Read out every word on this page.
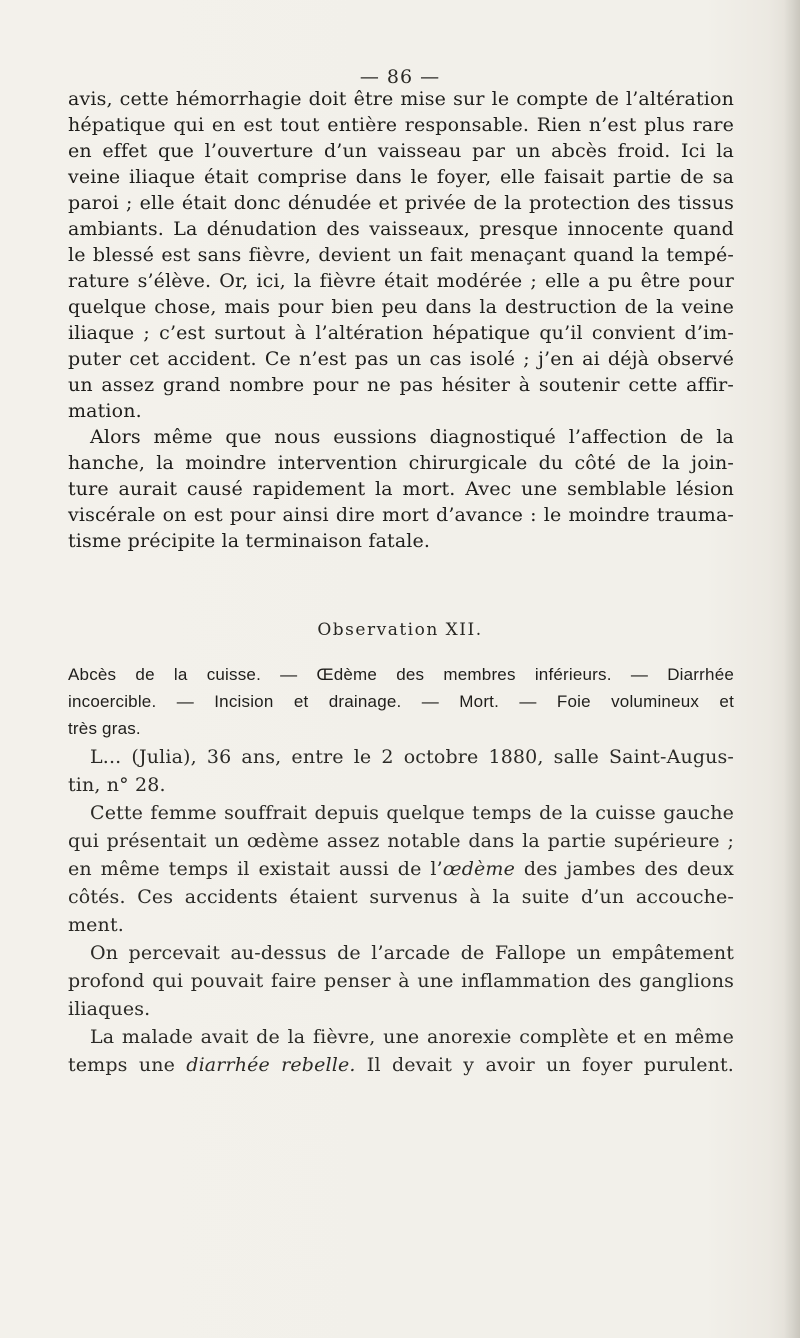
— 86 —
avis, cette hémorrhagie doit être mise sur le compte de l’altération
hépatique qui en est tout entière responsable. Rien n’est plus rare
en effet que l’ouverture d’un vaisseau par un abcès froid. Ici la
veine iliaque était comprise dans le foyer, elle faisait partie de sa
paroi ; elle était donc dénudée et privée de la protection des tissus
ambiants. La dénudation des vaisseaux, presque innocente quand
le blessé est sans fièvre, devient un fait menaçant quand la tempé-
rature s’élève. Or, ici, la fièvre était modérée ; elle a pu être pour
quelque chose, mais pour bien peu dans la destruction de la veine
iliaque ; c’est surtout à l’altération hépatique qu’il convient d’im-
puter cet accident. Ce n’est pas un cas isolé ; j’en ai déjà observé
un assez grand nombre pour ne pas hésiter à soutenir cette affir-
mation.
Alors même que nous eussions diagnostiqué l’affection de la
hanche, la moindre intervention chirurgicale du côté de la join-
ture aurait causé rapidement la mort. Avec une semblable lésion
viscérale on est pour ainsi dire mort d’avance : le moindre trauma-
tisme précipite la terminaison fatale.
Observation XII.
Abcès de la cuisse. — Œdème des membres inférieurs. — Diarrhée
incoercible. — Incision et drainage. — Mort. — Foie volumineux et
très gras.
L... (Julia), 36 ans, entre le 2 octobre 1880, salle Saint-Augus-
tin, n° 28.
Cette femme souffrait depuis quelque temps de la cuisse gauche
qui présentait un œdème assez notable dans la partie supérieure ;
en même temps il existait aussi de l’œdème des jambes des deux
côtés. Ces accidents étaient survenus à la suite d’un accouche-
ment.
On percevait au-dessus de l’arcade de Fallope un empâtement
profond qui pouvait faire penser à une inflammation des ganglions
iliaques.
La malade avait de la fièvre, une anorexie complète et en même
temps une diarrhée rebelle. Il devait y avoir un foyer purulent.
